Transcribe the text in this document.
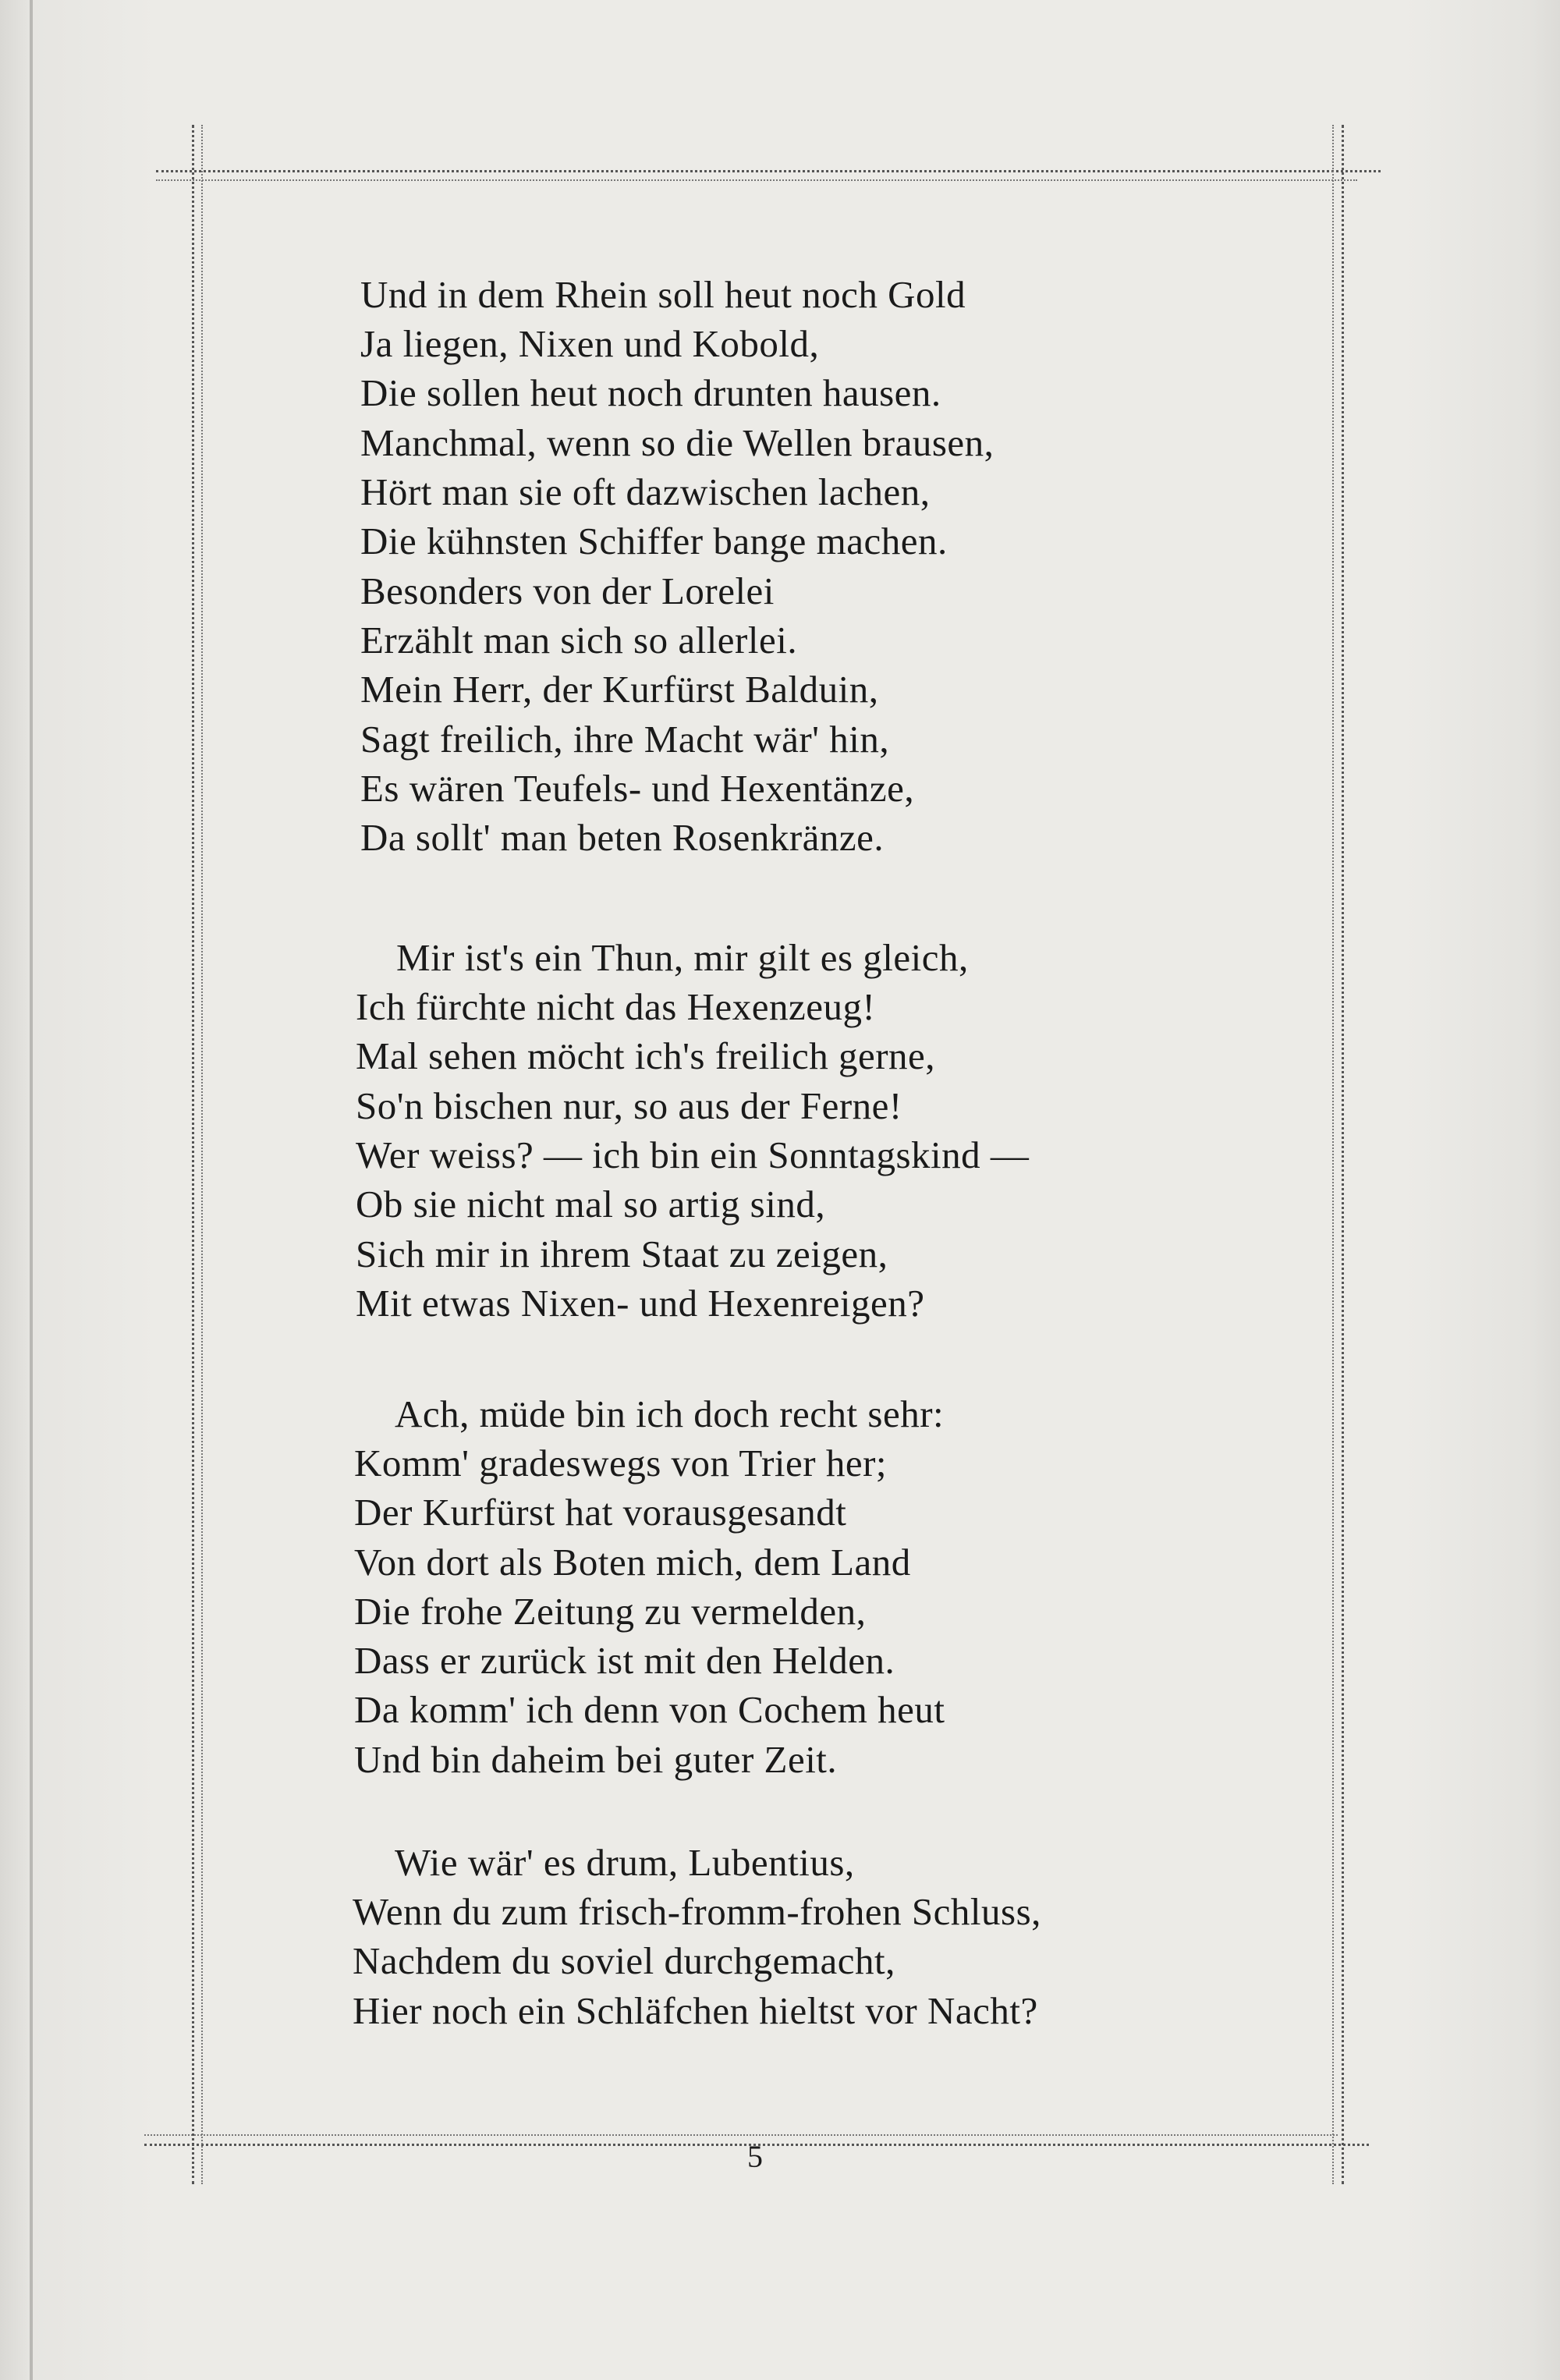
Und in dem Rhein soll heut noch Gold
Ja liegen, Nixen und Kobold,
Die sollen heut noch drunten hausen.
Manchmal, wenn so die Wellen brausen,
Hört man sie oft dazwischen lachen,
Die kühnsten Schiffer bange machen.
Besonders von der Lorelei
Erzählt man sich so allerlei.
Mein Herr, der Kurfürst Balduin,
Sagt freilich, ihre Macht wär' hin,
Es wären Teufels- und Hexentänze,
Da sollt' man beten Rosenkränze.
Mir ist's ein Thun, mir gilt es gleich,
Ich fürchte nicht das Hexenzeug!
Mal sehen möcht ich's freilich gerne,
So'n bischen nur, so aus der Ferne!
Wer weiss? — ich bin ein Sonntagskind —
Ob sie nicht mal so artig sind,
Sich mir in ihrem Staat zu zeigen,
Mit etwas Nixen- und Hexenreigen?
Ach, müde bin ich doch recht sehr:
Komm' gradeswegs von Trier her;
Der Kurfürst hat vorausgesandt
Von dort als Boten mich, dem Land
Die frohe Zeitung zu vermelden,
Dass er zurück ist mit den Helden.
Da komm' ich denn von Cochem heut
Und bin daheim bei guter Zeit.
Wie wär' es drum, Lubentius,
Wenn du zum frisch-fromm-frohen Schluss,
Nachdem du soviel durchgemacht,
Hier noch ein Schläfchen hieltst vor Nacht?
5
